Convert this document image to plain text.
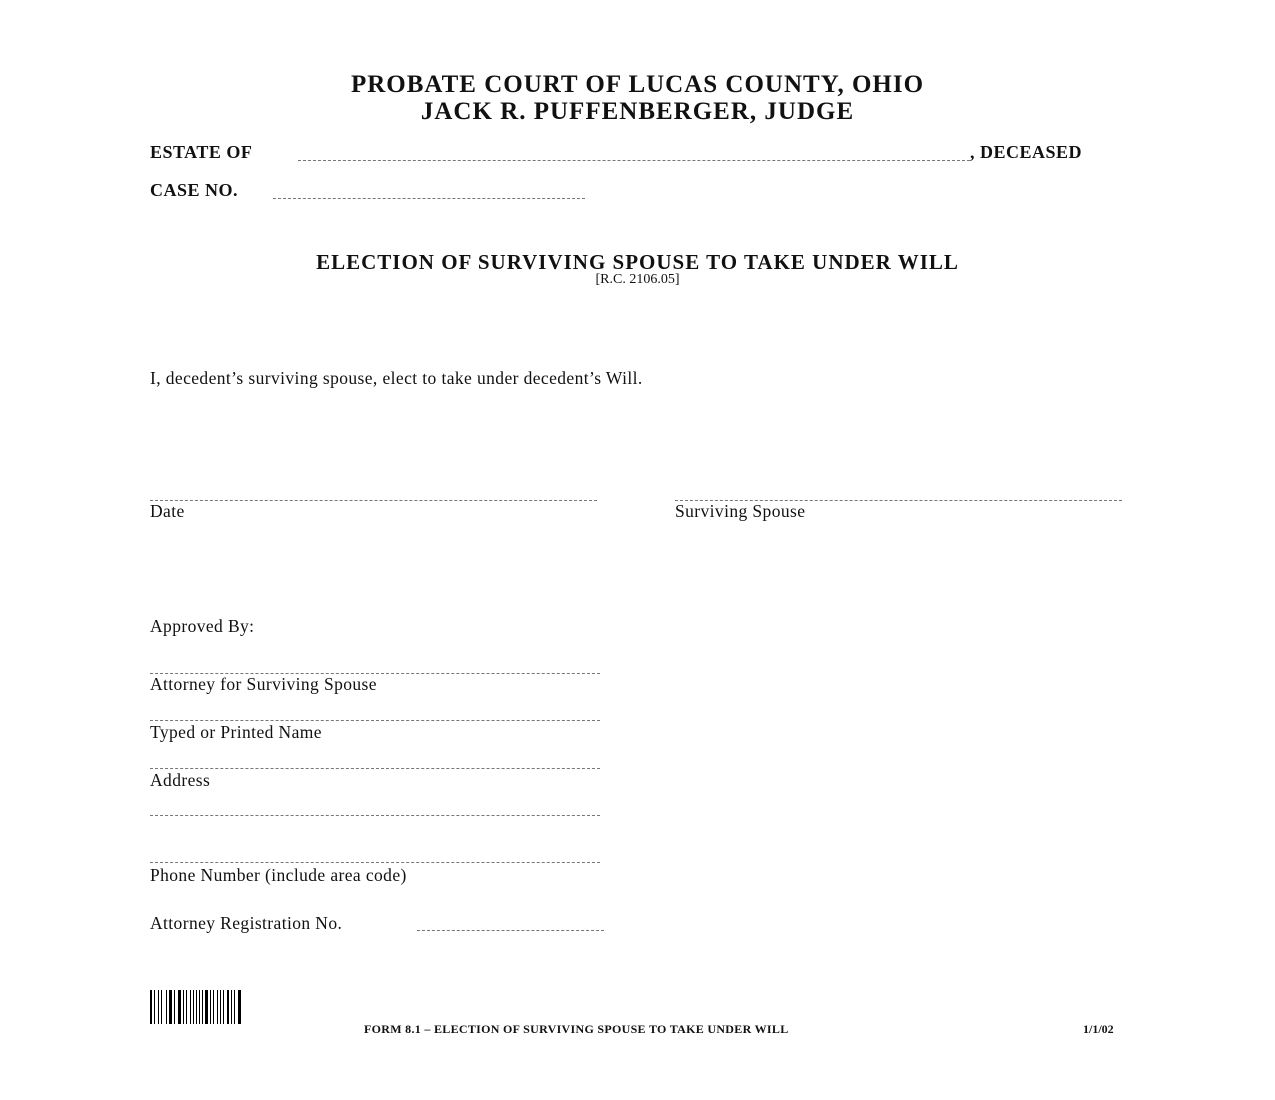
PROBATE COURT OF LUCAS COUNTY, OHIO
JACK R. PUFFENBERGER, JUDGE
ESTATE OF	, DECEASED
CASE NO.
ELECTION OF SURVIVING SPOUSE TO TAKE UNDER WILL
[R.C. 2106.05]
I, decedent’s surviving spouse, elect to take under decedent’s Will.
Date	Surviving Spouse
Approved By:
Attorney for Surviving Spouse
Typed or Printed Name
Address
Phone Number (include area code)
Attorney Registration No.
FORM 8.1 – ELECTION OF SURVIVING SPOUSE TO TAKE UNDER WILL	1/1/02
